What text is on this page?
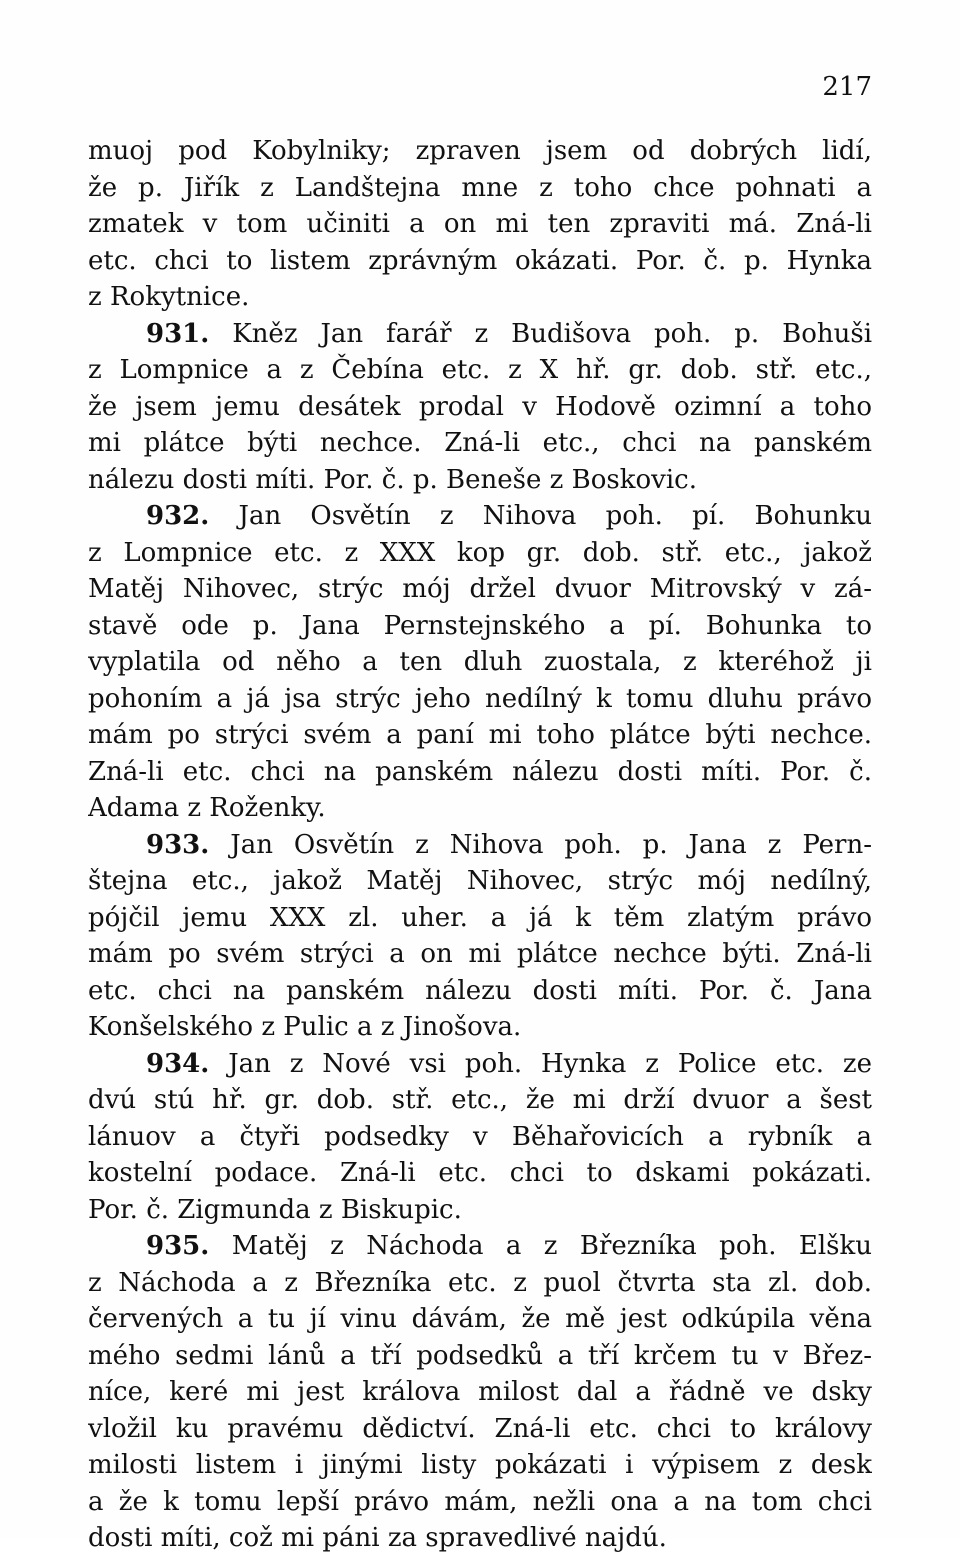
217
muoj pod Kobylniky; zpraven jsem od dobrých lidí,
že p. Jiřík z Landštejna mne z toho chce pohnati a
zmatek v tom učiniti a on mi ten zpraviti má. Zná-li
etc. chci to listem zprávným okázati. Por. č. p. Hynka
z Rokytnice.
931. Kněz Jan farář z Budišova poh. p. Bohuši
z Lompnice a z Čebína etc. z X hř. gr. dob. stř. etc.,
že jsem jemu desátek prodal v Hodově ozimní a toho
mi plátce býti nechce. Zná-li etc., chci na panském
nálezu dosti míti. Por. č. p. Beneše z Boskovic.
932. Jan Osvětín z Nihova poh. pí. Bohunku
z Lompnice etc. z XXX kop gr. dob. stř. etc., jakož
Matěj Nihovec, strýc mój držel dvuor Mitrovský v zá-
stavě ode p. Jana Pernstejnského a pí. Bohunka to
vyplatila od něho a ten dluh zuostala, z kteréhož ji
pohoním a já jsa strýc jeho nedílný k tomu dluhu právo
mám po strýci svém a paní mi toho plátce býti nechce.
Zná-li etc. chci na panském nálezu dosti míti. Por. č.
Adama z Roženky.
933. Jan Osvětín z Nihova poh. p. Jana z Pern-
štejna etc., jakož Matěj Nihovec, strýc mój nedílný,
pójčil jemu XXX zl. uher. a já k těm zlatým právo
mám po svém strýci a on mi plátce nechce býti. Zná-li
etc. chci na panském nálezu dosti míti. Por. č. Jana
Konšelského z Pulic a z Jinošova.
934. Jan z Nové vsi poh. Hynka z Police etc. ze
dvú stú hř. gr. dob. stř. etc., že mi drží dvuor a šest
lánuov a čtyři podsedky v Běhařovicích a rybník a
kostelní podace. Zná-li etc. chci to dskami pokázati.
Por. č. Zigmunda z Biskupic.
935. Matěj z Náchoda a z Březníka poh. Elšku
z Náchoda a z Březníka etc. z puol čtvrta sta zl. dob.
červených a tu jí vinu dávám, že mě jest odkúpila věna
mého sedmi lánů a tří podsedků a tří krčem tu v Břez-
níce, keré mi jest králova milost dal a řádně ve dsky
vložil ku pravému dědictví. Zná-li etc. chci to královy
milosti listem i jinými listy pokázati i výpisem z desk
a že k tomu lepší právo mám, nežli ona a na tom chci
dosti míti, což mi páni za spravedlivé najdú.
